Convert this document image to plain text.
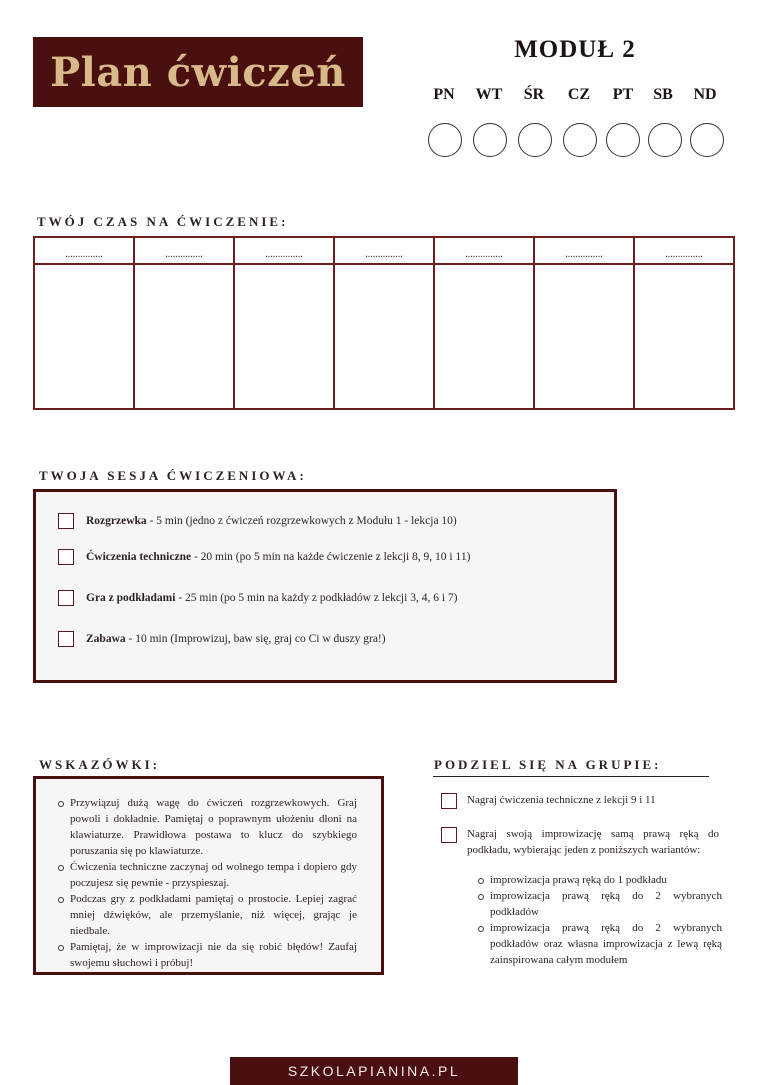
Plan ćwiczeń	MODUŁ 2
PN	WT	ŚR	CZ	PT	SB	ND
TWÓJ CZAS NA ĆWICZENIE:
...............	...............	...............	...............	...............	...............	...............
TWOJA SESJA ĆWICZENIOWA:
Rozgrzewka - 5 min (jedno z ćwiczeń rozgrzewkowych z Modułu 1 - lekcja 10)
Ćwiczenia techniczne - 20 min (po 5 min na każde ćwiczenie z lekcji 8, 9, 10 i 11)
Gra z podkładami - 25 min (po 5 min na każdy z podkładów z lekcji 3, 4, 6 i 7)
Zabawa - 10 min (Improwizuj, baw się, graj co Ci w duszy gra!)
WSKAZÓWKI:
Przywiązuj dużą wagę do ćwiczeń rozgrzewkowych. Graj powoli i dokładnie. Pamiętaj o poprawnym ułożeniu dłoni na klawiaturze. Prawidłowa postawa to klucz do szybkiego poruszania się po klawiaturze.
Ćwiczenia techniczne zaczynaj od wolnego tempa i dopiero gdy poczujesz się pewnie - przyspieszaj.
Podczas gry z podkładami pamiętaj o prostocie. Lepiej zagrać mniej dźwięków, ale przemyślanie, niż więcej, grając je niedbale.
Pamiętaj, że w improwizacji nie da się robić błędów! Zaufaj swojemu słuchowi i próbuj!
PODZIEL SIĘ NA GRUPIE:
Nagraj ćwiczenia techniczne z lekcji 9 i 11
Nagraj swoją improwizację samą prawą ręką do podkładu, wybierając jeden z poniższych wariantów:
improwizacja prawą ręką do 1 podkładu
improwizacja prawą ręką do 2 wybranych podkładów
improwizacja prawą ręką do 2 wybranych podkładów oraz własna improwizacja z lewą ręką zainspirowana całym modułem
SZKOLAPIANINA.PL
